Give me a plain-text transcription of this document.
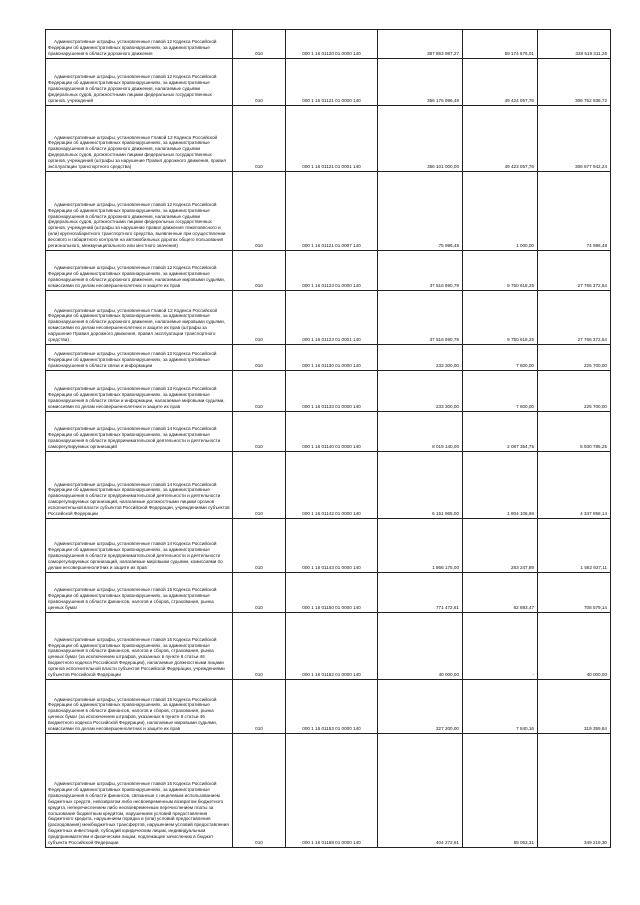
Административные штрафы, установленные главой 12 Кодекса Российской Федерации об административных правонарушениях, за административные правонарушения в области дорожного движения	010	000 1 16 01120 01 0000 140	387 853 987,27	59 174 676,01	328 519 311,26
Административные штрафы, установленные главой 12 Кодекса Российской Федерации об административных правонарушениях, за административные правонарушения в области дорожного движения, налагаемые судьями федеральных судов, должностными лицами федеральных государственных органов, учреждений	010	000 1 16 01121 01 0000 140	356 176 996,48	49 424 057,76	306 752 938,72
Административные штрафы, установленные Главой 12 Кодекса Российской Федерации об административных правонарушениях, за административные правонарушения в области дорожного движения, налагаемые судьями федеральных судов, должностными лицами федеральных государственных органов, учреждений (штрафы за нарушение Правил дорожного движения, правил эксплуатации транспортного средства)	010	000 1 16 01121 01 0001 140	356 101 000,00	49 423 057,76	306 677 942,24
Административные штрафы, установленные главой 12 Кодекса Российской Федерации об административных правонарушениях, за административные правонарушения в области дорожного движения, налагаемые судьями федеральных судов, должностными лицами федеральных государственных органов, учреждений (штрафы за нарушение правил движения тяжеловесного и (или) крупногабаритного транспортного средства, выявленные при осуществлении весового и габаритного контроля на автомобильных дорогах общего пользования регионального, межмуниципального или местного значения)	010	000 1 16 01121 01 0007 140	75 996,48	1 000,00	74 996,48
Административные штрафы, установленные главой 12 Кодекса Российской Федерации об административных правонарушениях, за административные правонарушения в области дорожного движения, налагаемые мировыми судьями, комиссиями по делам несовершеннолетних и защите их прав	010	000 1 16 01123 01 0000 140	37 516 990,79	9 750 618,25	27 766 372,54
Административные штрафы, установленные Главой 12 Кодекса Российской Федерации об административных правонарушениях, за административные правонарушения в области дорожного движения, налагаемые мировыми судьями, комиссиями по делам несовершеннолетних и защите их прав (штрафы за нарушение Правил дорожного движения, правил эксплуатации транспортного средства)	010	000 1 16 01123 01 0001 140	37 516 990,79	9 750 618,25	27 766 372,54
Административные штрафы, установленные главой 13 Кодекса Российской Федерации об административных правонарушениях, за административные правонарушения в области связи и информации	010	000 1 16 01130 01 0000 140	233 300,00	7 600,00	225 700,00
Административные штрафы, установленные главой 13 Кодекса Российской Федерации об административных правонарушениях, за административные правонарушения в области связи и информации, налагаемые мировыми судьями, комиссиями по делам несовершеннолетних и защите их прав	010	000 1 16 01133 01 0000 140	233 300,00	7 600,00	225 700,00
Административные штрафы, установленные главой 14 Кодекса Российской Федерации об административных правонарушениях, за административные правонарушения в области предпринимательской деятельности и деятельности саморегулируемых организаций	010	000 1 16 01140 01 0000 140	8 019 140,00	2 087 354,75	5 930 785,25
Административные штрафы, установленные главой 14 Кодекса Российской Федерации об административных правонарушениях, за административные правонарушения в области предпринимательской деятельности и деятельности саморегулируемых организаций, налагаемые должностными лицами органов исполнительной власти субъектов Российской Федерации, учреждениями субъектов Российской Федерации	010	000 1 16 01142 01 0000 140	6 151 965,00	1 804 106,86	4 347 858,14
Административные штрафы, установленные главой 14 Кодекса Российской Федерации об административных правонарушениях, за административные правонарушения в области предпринимательской деятельности и деятельности саморегулируемых организаций, налагаемые мировыми судьями, комиссиями по делам несовершеннолетних и защите их прав	010	000 1 16 01143 01 0000 140	1 866 175,00	283 247,89	1 582 927,11
Административные штрафы, установленные главой 15 Кодекса Российской Федерации об административных правонарушениях, за административные правонарушения в области финансов, налогов и сборов, страхования, рынка ценных бумаг	010	000 1 16 01150 01 0000 140	771 472,61	62 893,47	708 579,14
Административные штрафы, установленные главой 15 Кодекса Российской Федерации об административных правонарушениях, за административные правонарушения в области финансов, налогов и сборов, страхования, рынка ценных бумаг (за исключением штрафов, указанных в пункте 6 статьи 46 Бюджетного кодекса Российской Федерации), налагаемые должностными лицами органов исполнительной власти субъектов Российской Федерации, учреждениями субъектов Российской Федерации	010	000 1 16 01152 01 0000 140	40 000,00	-	40 000,00
Административные штрафы, установленные главой 15 Кодекса Российской Федерации об административных правонарушениях, за административные правонарушения в области финансов, налогов и сборов, страхования, рынка ценных бумаг (за исключением штрафов, указанных в пункте 6 статьи 46 Бюджетного кодекса Российской Федерации), налагаемые мировыми судьями, комиссиями по делам несовершеннолетних и защите их прав	010	000 1 16 01153 01 0000 140	327 200,00	7 840,16	319 359,84
Административные штрафы, установленные главой 15 Кодекса Российской Федерации об административных правонарушениях, за административные правонарушения в области финансов, связанные с нецелевым использованием бюджетных средств, невозвратом либо несвоевременным возвратом бюджетного кредита, неперечислением либо несвоевременным перечислением платы за пользование бюджетным кредитом, нарушением условий предоставления бюджетного кредита, нарушением порядка и (или) условий предоставления (расходования) межбюджетных трансфертов, нарушением условий предоставления бюджетных инвестиций, субсидий юридическим лицам, индивидуальным предпринимателям и физическим лицам, подлежащие зачислению в бюджет субъекта Российской Федерации	010	000 1 16 01158 01 0000 140	404 272,61	55 053,31	349 219,30
